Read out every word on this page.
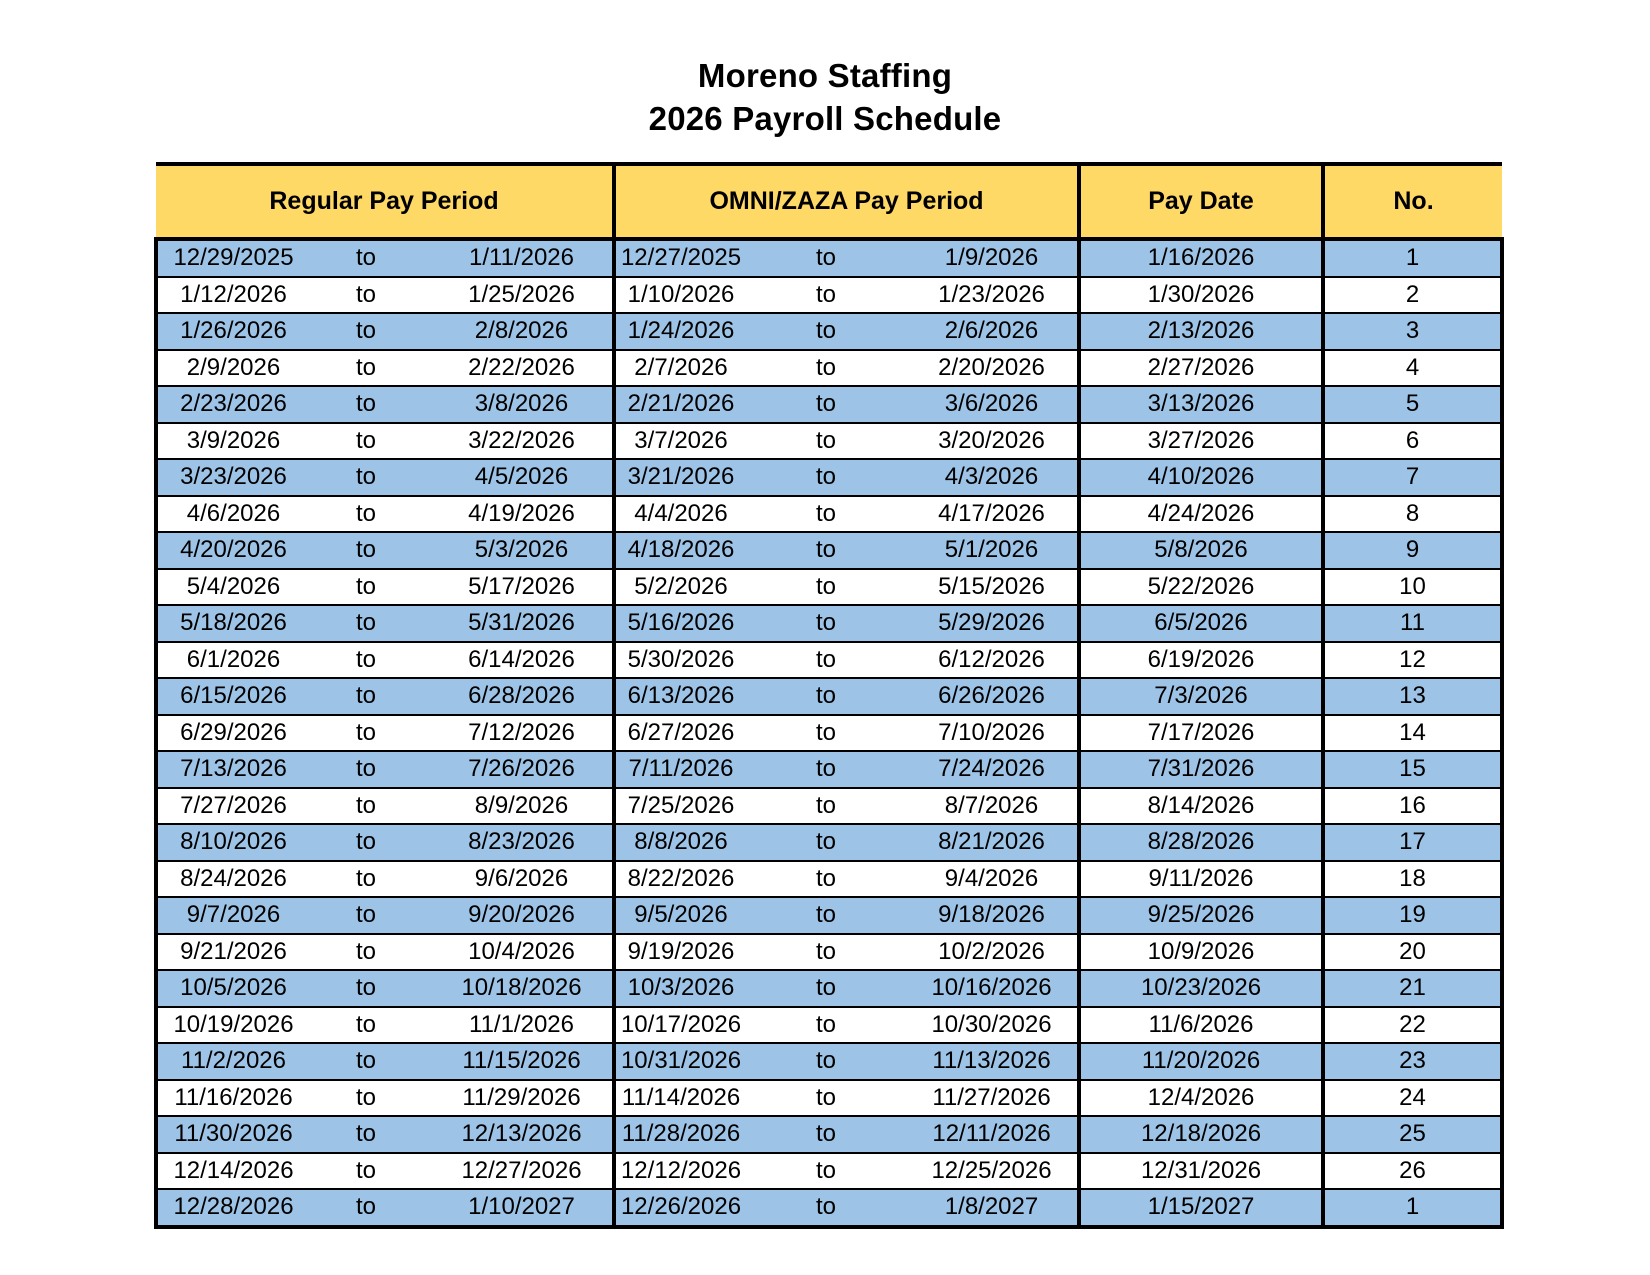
Moreno Staffing
2026 Payroll Schedule
Regular Pay Period			OMNI/ZAZA Pay Period			Pay Date	No.
12/29/2025	to	1/11/2026	12/27/2025	to	1/9/2026	1/16/2026	1
1/12/2026	to	1/25/2026	1/10/2026	to	1/23/2026	1/30/2026	2
1/26/2026	to	2/8/2026	1/24/2026	to	2/6/2026	2/13/2026	3
2/9/2026	to	2/22/2026	2/7/2026	to	2/20/2026	2/27/2026	4
2/23/2026	to	3/8/2026	2/21/2026	to	3/6/2026	3/13/2026	5
3/9/2026	to	3/22/2026	3/7/2026	to	3/20/2026	3/27/2026	6
3/23/2026	to	4/5/2026	3/21/2026	to	4/3/2026	4/10/2026	7
4/6/2026	to	4/19/2026	4/4/2026	to	4/17/2026	4/24/2026	8
4/20/2026	to	5/3/2026	4/18/2026	to	5/1/2026	5/8/2026	9
5/4/2026	to	5/17/2026	5/2/2026	to	5/15/2026	5/22/2026	10
5/18/2026	to	5/31/2026	5/16/2026	to	5/29/2026	6/5/2026	11
6/1/2026	to	6/14/2026	5/30/2026	to	6/12/2026	6/19/2026	12
6/15/2026	to	6/28/2026	6/13/2026	to	6/26/2026	7/3/2026	13
6/29/2026	to	7/12/2026	6/27/2026	to	7/10/2026	7/17/2026	14
7/13/2026	to	7/26/2026	7/11/2026	to	7/24/2026	7/31/2026	15
7/27/2026	to	8/9/2026	7/25/2026	to	8/7/2026	8/14/2026	16
8/10/2026	to	8/23/2026	8/8/2026	to	8/21/2026	8/28/2026	17
8/24/2026	to	9/6/2026	8/22/2026	to	9/4/2026	9/11/2026	18
9/7/2026	to	9/20/2026	9/5/2026	to	9/18/2026	9/25/2026	19
9/21/2026	to	10/4/2026	9/19/2026	to	10/2/2026	10/9/2026	20
10/5/2026	to	10/18/2026	10/3/2026	to	10/16/2026	10/23/2026	21
10/19/2026	to	11/1/2026	10/17/2026	to	10/30/2026	11/6/2026	22
11/2/2026	to	11/15/2026	10/31/2026	to	11/13/2026	11/20/2026	23
11/16/2026	to	11/29/2026	11/14/2026	to	11/27/2026	12/4/2026	24
11/30/2026	to	12/13/2026	11/28/2026	to	12/11/2026	12/18/2026	25
12/14/2026	to	12/27/2026	12/12/2026	to	12/25/2026	12/31/2026	26
12/28/2026	to	1/10/2027	12/26/2026	to	1/8/2027	1/15/2027	1
